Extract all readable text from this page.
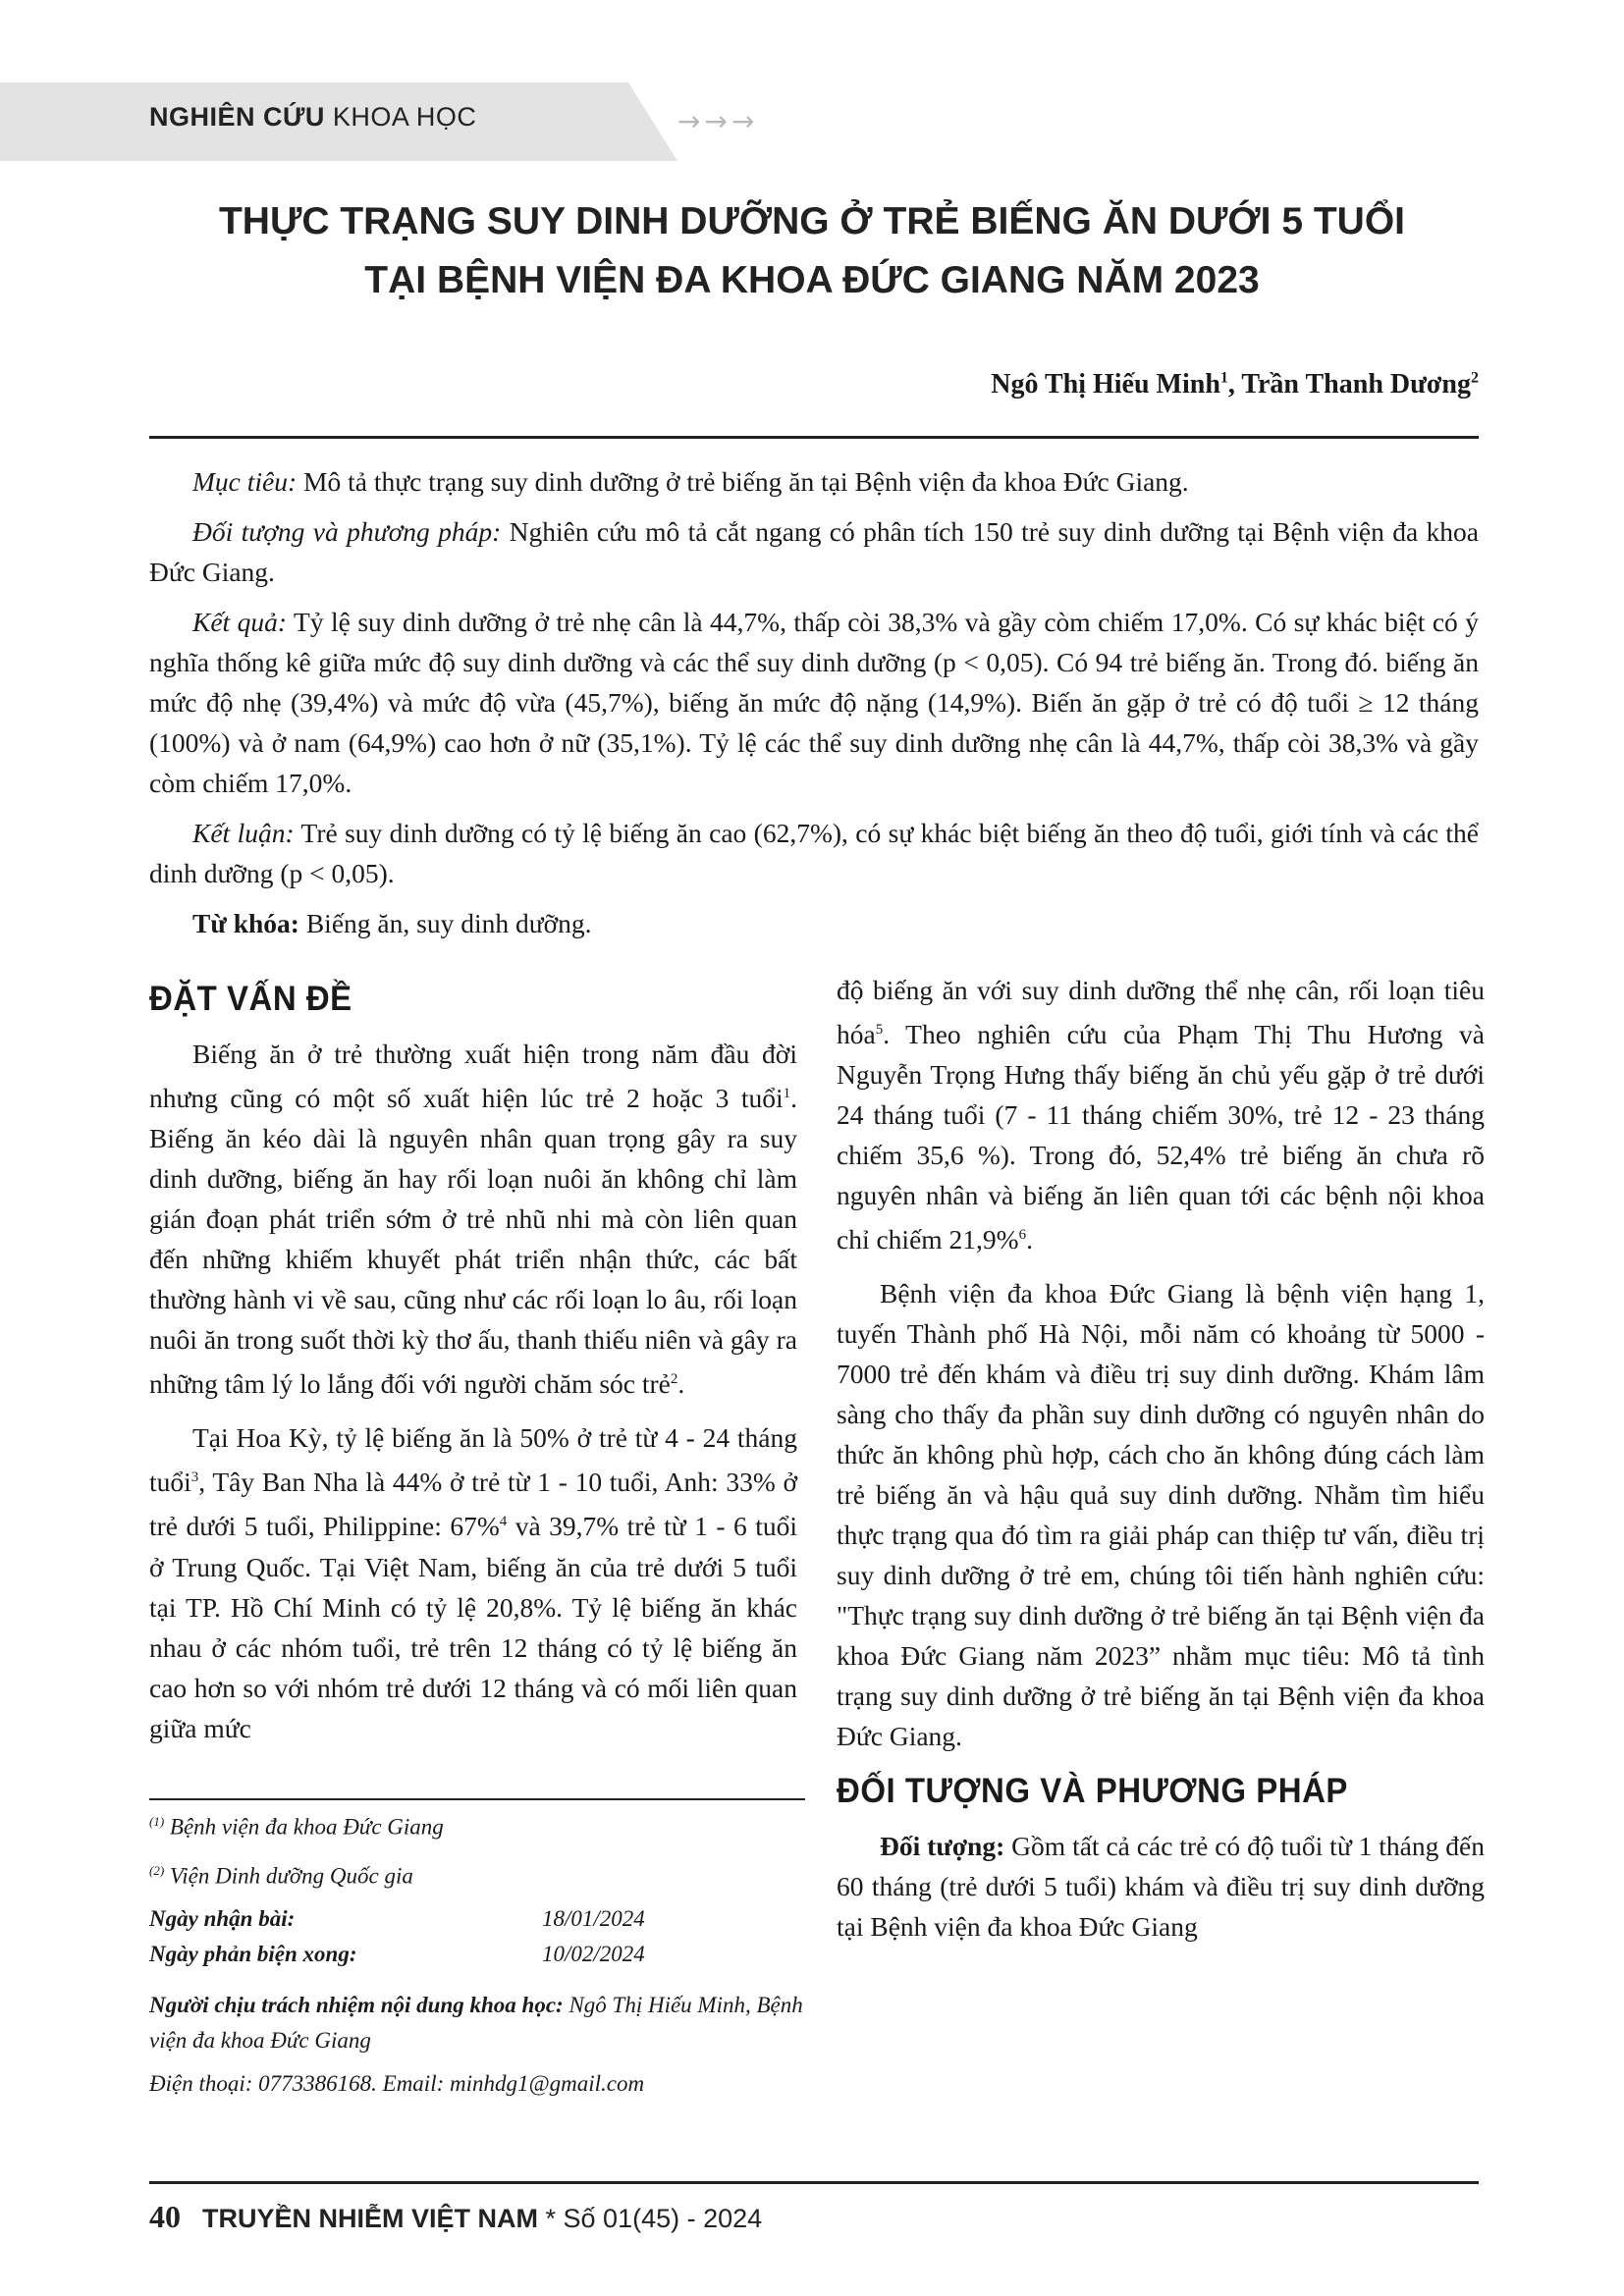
NGHIÊN CỨU KHOA HỌC	→ → →
THỰC TRẠNG SUY DINH DƯỠNG Ở TRẺ BIẾNG ĂN DƯỚI 5 TUỔI
TẠI BỆNH VIỆN ĐA KHOA ĐỨC GIANG NĂM 2023
Ngô Thị Hiếu Minh$^1$, Trần Thanh Dương$^2$

Mục tiêu: Mô tả thực trạng suy dinh dưỡng ở trẻ biếng ăn tại Bệnh viện đa khoa Đức Giang.

Đối tượng và phương pháp: Nghiên cứu mô tả cắt ngang có phân tích 150 trẻ suy dinh dưỡng tại Bệnh viện đa khoa Đức Giang.

Kết quả: Tỷ lệ suy dinh dưỡng ở trẻ nhẹ cân là 44,7%, thấp còi 38,3% và gầy còm chiếm 17,0%. Có sự khác biệt có ý nghĩa thống kê giữa mức độ suy dinh dưỡng và các thể suy dinh dưỡng (p < 0,05). Có 94 trẻ biếng ăn. Trong đó. biếng ăn mức độ nhẹ (39,4%) và mức độ vừa (45,7%), biếng ăn mức độ nặng (14,9%). Biến ăn gặp ở trẻ có độ tuổi ≥ 12 tháng (100%) và ở nam (64,9%) cao hơn ở nữ (35,1%). Tỷ lệ các thể suy dinh dưỡng nhẹ cân là 44,7%, thấp còi 38,3% và gầy còm chiếm 17,0%.

Kết luận: Trẻ suy dinh dưỡng có tỷ lệ biếng ăn cao (62,7%), có sự khác biệt biếng ăn theo độ tuổi, giới tính và các thể dinh dưỡng (p < 0,05).

Từ khóa: Biếng ăn, suy dinh dưỡng.

ĐẶT VẤN ĐỀ

Biếng ăn ở trẻ thường xuất hiện trong năm đầu đời nhưng cũng có một số xuất hiện lúc trẻ 2 hoặc 3 tuổi$^1$. Biếng ăn kéo dài là nguyên nhân quan trọng gây ra suy dinh dưỡng, biếng ăn hay rối loạn nuôi ăn không chỉ làm gián đoạn phát triển sớm ở trẻ nhũ nhi mà còn liên quan đến những khiếm khuyết phát triển nhận thức, các bất thường hành vi về sau, cũng như các rối loạn lo âu, rối loạn nuôi ăn trong suốt thời kỳ thơ ấu, thanh thiếu niên và gây ra những tâm lý lo lắng đối với người chăm sóc trẻ$^2$.

Tại Hoa Kỳ, tỷ lệ biếng ăn là 50% ở trẻ từ 4 - 24 tháng tuổi$^3$, Tây Ban Nha là 44% ở trẻ từ 1 - 10 tuổi, Anh: 33% ở trẻ dưới 5 tuổi, Philippine: 67%$^4$ và 39,7% trẻ từ 1 - 6 tuổi ở Trung Quốc. Tại Việt Nam, biếng ăn của trẻ dưới 5 tuổi tại TP. Hồ Chí Minh có tỷ lệ 20,8%. Tỷ lệ biếng ăn khác nhau ở các nhóm tuổi, trẻ trên 12 tháng có tỷ lệ biếng ăn cao hơn so với nhóm trẻ dưới 12 tháng và có mối liên quan giữa mức

độ biếng ăn với suy dinh dưỡng thể nhẹ cân, rối loạn tiêu hóa$^5$. Theo nghiên cứu của Phạm Thị Thu Hương và Nguyễn Trọng Hưng thấy biếng ăn chủ yếu gặp ở trẻ dưới 24 tháng tuổi (7 - 11 tháng chiếm 30%, trẻ 12 - 23 tháng chiếm 35,6 %). Trong đó, 52,4% trẻ biếng ăn chưa rõ nguyên nhân và biếng ăn liên quan tới các bệnh nội khoa chỉ chiếm 21,9%$^6$.

Bệnh viện đa khoa Đức Giang là bệnh viện hạng 1, tuyến Thành phố Hà Nội, mỗi năm có khoảng từ 5000 - 7000 trẻ đến khám và điều trị suy dinh dưỡng. Khám lâm sàng cho thấy đa phần suy dinh dưỡng có nguyên nhân do thức ăn không phù hợp, cách cho ăn không đúng cách làm trẻ biếng ăn và hậu quả suy dinh dưỡng. Nhằm tìm hiểu thực trạng qua đó tìm ra giải pháp can thiệp tư vấn, điều trị suy dinh dưỡng ở trẻ em, chúng tôi tiến hành nghiên cứu: "Thực trạng suy dinh dưỡng ở trẻ biếng ăn tại Bệnh viện đa khoa Đức Giang năm 2023” nhằm mục tiêu: Mô tả tình trạng suy dinh dưỡng ở trẻ biếng ăn tại Bệnh viện đa khoa Đức Giang.

ĐỐI TƯỢNG VÀ PHƯƠNG PHÁP

Đối tượng: Gồm tất cả các trẻ có độ tuổi từ 1 tháng đến 60 tháng (trẻ dưới 5 tuổi) khám và điều trị suy dinh dưỡng tại Bệnh viện đa khoa Đức Giang

$^{(1)}$ Bệnh viện đa khoa Đức Giang
$^{(2)}$ Viện Dinh dưỡng Quốc gia
Ngày nhận bài:	18/01/2024
Ngày phản biện xong:	10/02/2024
Người chịu trách nhiệm nội dung khoa học: Ngô Thị Hiếu Minh, Bệnh viện đa khoa Đức Giang
Điện thoại: 0773386168. Email: minhdg1@gmail.com
40 TRUYỀN NHIỄM VIỆT NAM * Số 01(45) - 2024
